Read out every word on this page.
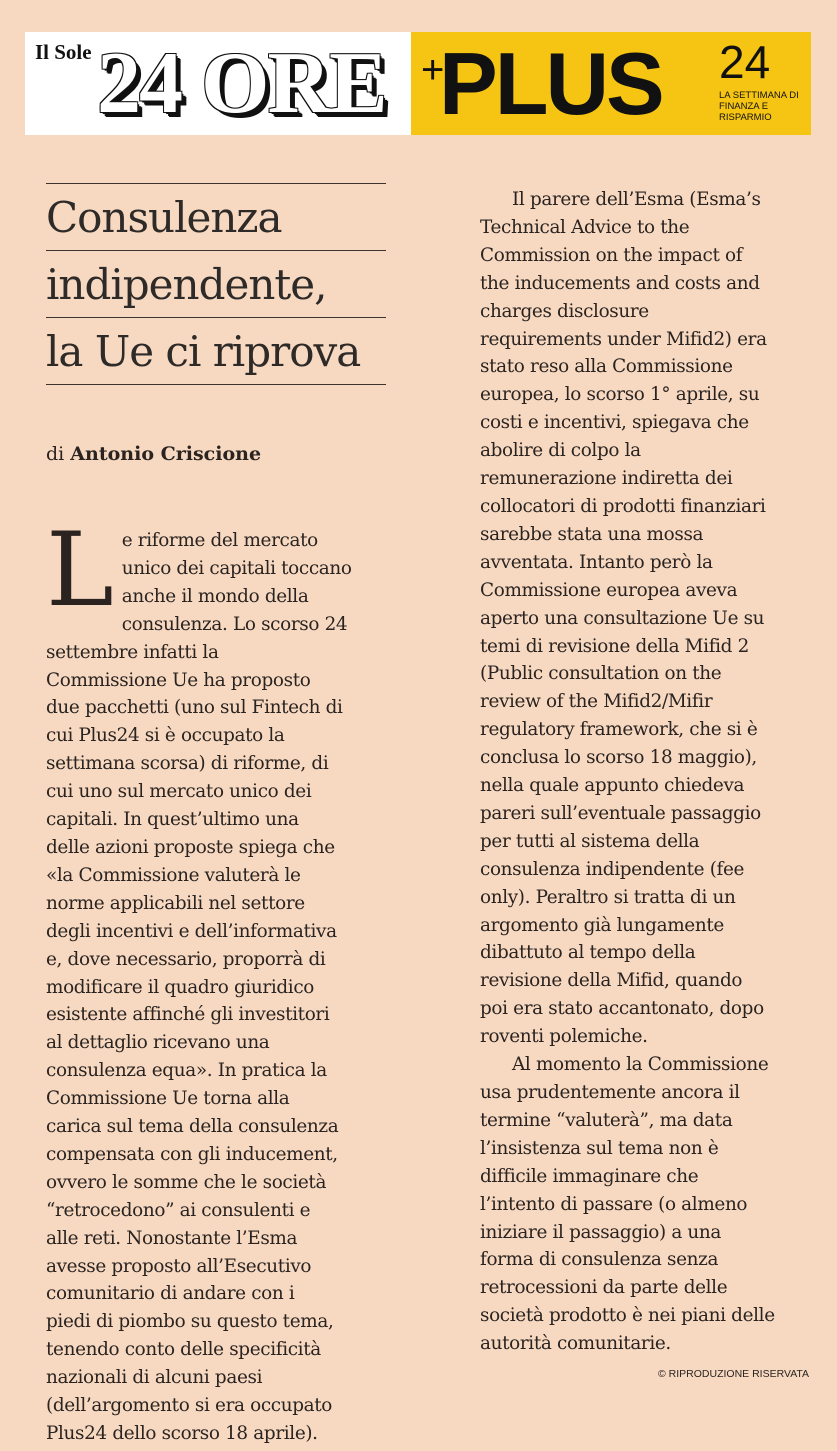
Il Sole 24 ORE +
PLUS 24
LA SETTIMANA DI FINANZA E RISPARMIO
Consulenza
indipendente,
la Ue ci riprova
di Antonio Criscione
L e riforme del mercato
unico dei capitali toccano
anche il mondo della
consulenza. Lo scorso 24
settembre infatti la
Commissione Ue ha proposto
due pacchetti (uno sul Fintech di
cui Plus24 si è occupato la
settimana scorsa) di riforme, di
cui uno sul mercato unico dei
capitali. In quest’ultimo una
delle azioni proposte spiega che
«la Commissione valuterà le
norme applicabili nel settore
degli incentivi e dell’informativa
e, dove necessario, proporrà di
modificare il quadro giuridico
esistente affinché gli investitori
al dettaglio ricevano una
consulenza equa». In pratica la
Commissione Ue torna alla
carica sul tema della consulenza
compensata con gli inducement,
ovvero le somme che le società
“retrocedono” ai consulenti e
alle reti. Nonostante l’Esma
avesse proposto all’Esecutivo
comunitario di andare con i
piedi di piombo su questo tema,
tenendo conto delle specificità
nazionali di alcuni paesi
(dell’argomento si era occupato
Plus24 dello scorso 18 aprile).
Il parere dell’Esma (Esma’s
Technical Advice to the
Commission on the impact of
the inducements and costs and
charges disclosure
requirements under Mifid2) era
stato reso alla Commissione
europea, lo scorso 1° aprile, su
costi e incentivi, spiegava che
abolire di colpo la
remunerazione indiretta dei
collocatori di prodotti finanziari
sarebbe stata una mossa
avventata. Intanto però la
Commissione europea aveva
aperto una consultazione Ue su
temi di revisione della Mifid 2
(Public consultation on the
review of the Mifid2/Mifir
regulatory framework, che si è
conclusa lo scorso 18 maggio),
nella quale appunto chiedeva
pareri sull’eventuale passaggio
per tutti al sistema della
consulenza indipendente (fee
only). Peraltro si tratta di un
argomento già lungamente
dibattuto al tempo della
revisione della Mifid, quando
poi era stato accantonato, dopo
roventi polemiche.
Al momento la Commissione
usa prudentemente ancora il
termine “valuterà”, ma data
l’insistenza sul tema non è
difficile immaginare che
l’intento di passare (o almeno
iniziare il passaggio) a una
forma di consulenza senza
retrocessioni da parte delle
società prodotto è nei piani delle
autorità comunitarie.
© RIPRODUZIONE RISERVATA
